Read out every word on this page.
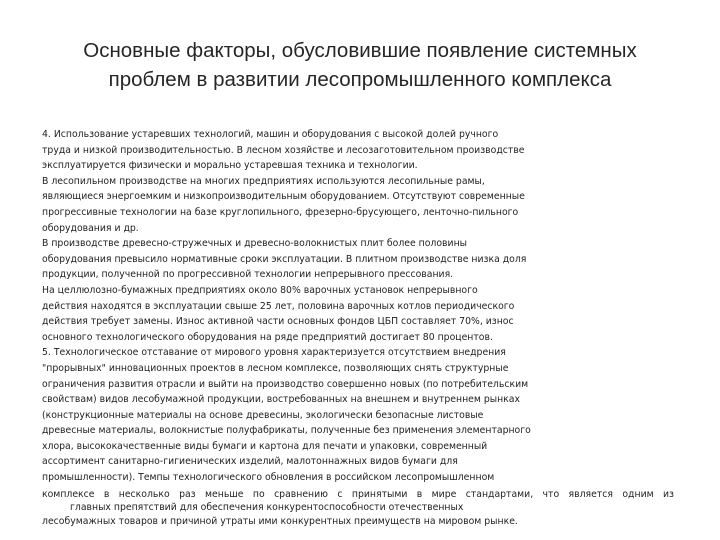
Основные факторы, обусловившие появление системных
проблем в развитии лесопромышленного комплекса
4. Использование устаревших технологий, машин и оборудования с высокой долей ручного
труда и низкой производительностью. В лесном хозяйстве и лесозаготовительном производстве
эксплуатируется физически и морально устаревшая техника и технологии.
В лесопильном производстве на многих предприятиях используются лесопильные рамы,
являющиеся энергоемким и низкопроизводительным оборудованием. Отсутствуют современные
прогрессивные технологии на базе круглопильного, фрезерно-брусующего, ленточно-пильного
оборудования и др.
В производстве древесно-стружечных и древесно-волокнистых плит более половины
оборудования превысило нормативные сроки эксплуатации. В плитном производстве низка доля
продукции, полученной по прогрессивной технологии непрерывного прессования.
На целлюлозно-бумажных предприятиях около 80% варочных установок непрерывного
действия находятся в эксплуатации свыше 25 лет, половина варочных котлов периодического
действия требует замены. Износ активной части основных фондов ЦБП составляет 70%, износ
основного технологического оборудования на ряде предприятий достигает 80 процентов.
5. Технологическое отставание от мирового уровня характеризуется отсутствием внедрения
"прорывных" инновационных проектов в лесном комплексе, позволяющих снять структурные
ограничения развития отрасли и выйти на производство совершенно новых (по потребительским
свойствам) видов лесобумажной продукции, востребованных на внешнем и внутреннем рынках
(конструкционные материалы на основе древесины, экологически безопасные листовые
древесные материалы, волокнистые полуфабрикаты, полученные без применения элементарного
хлора, высококачественные виды бумаги и картона для печати и упаковки, современный
ассортимент санитарно-гигиенических изделий, малотоннажных видов бумаги для
промышленности). Темпы технологического обновления в российском лесопромышленном
комплексе в несколько раз меньше по сравнению с принятыми в мире стандартами, что является одним из
главных препятствий для обеспечения конкурентоспособности отечественных
лесобумажных товаров и причиной утраты ими конкурентных преимуществ на мировом рынке.
